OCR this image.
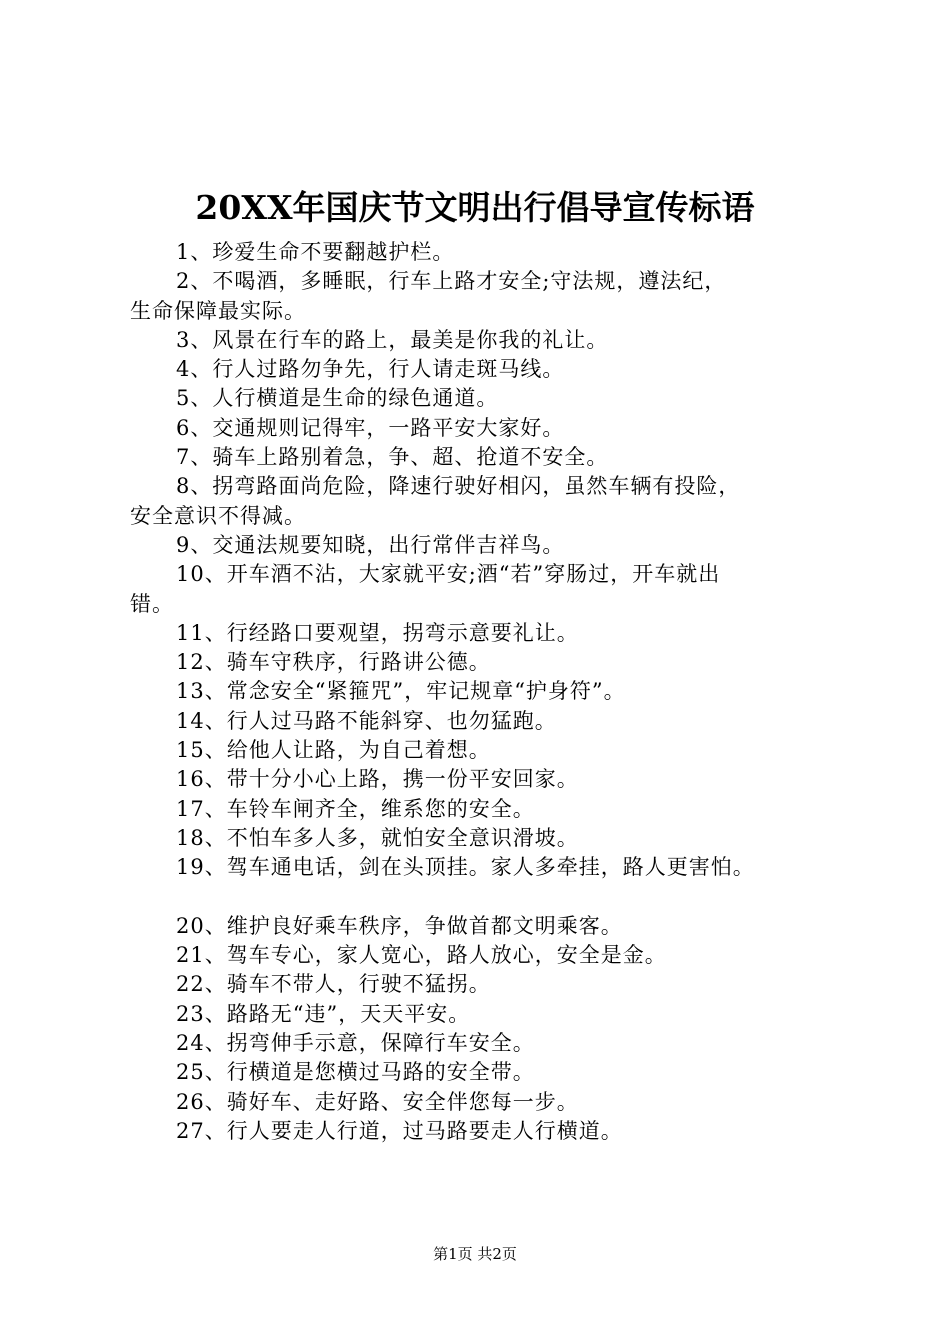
20XX年国庆节文明出行倡导宣传标语
1、珍爱生命不要翻越护栏。
2、不喝酒，多睡眠，行车上路才安全;守法规，遵法纪，
生命保障最实际。
3、风景在行车的路上，最美是你我的礼让。
4、行人过路勿争先，行人请走斑马线。
5、人行横道是生命的绿色通道。
6、交通规则记得牢，一路平安大家好。
7、骑车上路别着急，争、超、抢道不安全。
8、拐弯路面尚危险，降速行驶好相闪，虽然车辆有投险，
安全意识不得减。
9、交通法规要知晓，出行常伴吉祥鸟。
10、开车酒不沾，大家就平安;酒“若”穿肠过，开车就出
错。
11、行经路口要观望，拐弯示意要礼让。
12、骑车守秩序，行路讲公德。
13、常念安全“紧箍咒”，牢记规章“护身符”。
14、行人过马路不能斜穿、也勿猛跑。
15、给他人让路，为自己着想。
16、带十分小心上路，携一份平安回家。
17、车铃车闸齐全，维系您的安全。
18、不怕车多人多，就怕安全意识滑坡。
19、驾车通电话，剑在头顶挂。家人多牵挂，路人更害怕。
20、维护良好乘车秩序，争做首都文明乘客。
21、驾车专心，家人宽心，路人放心，安全是金。
22、骑车不带人，行驶不猛拐。
23、路路无“违”，天天平安。
24、拐弯伸手示意，保障行车安全。
25、行横道是您横过马路的安全带。
26、骑好车、走好路、安全伴您每一步。
27、行人要走人行道，过马路要走人行横道。
第1页 共2页
